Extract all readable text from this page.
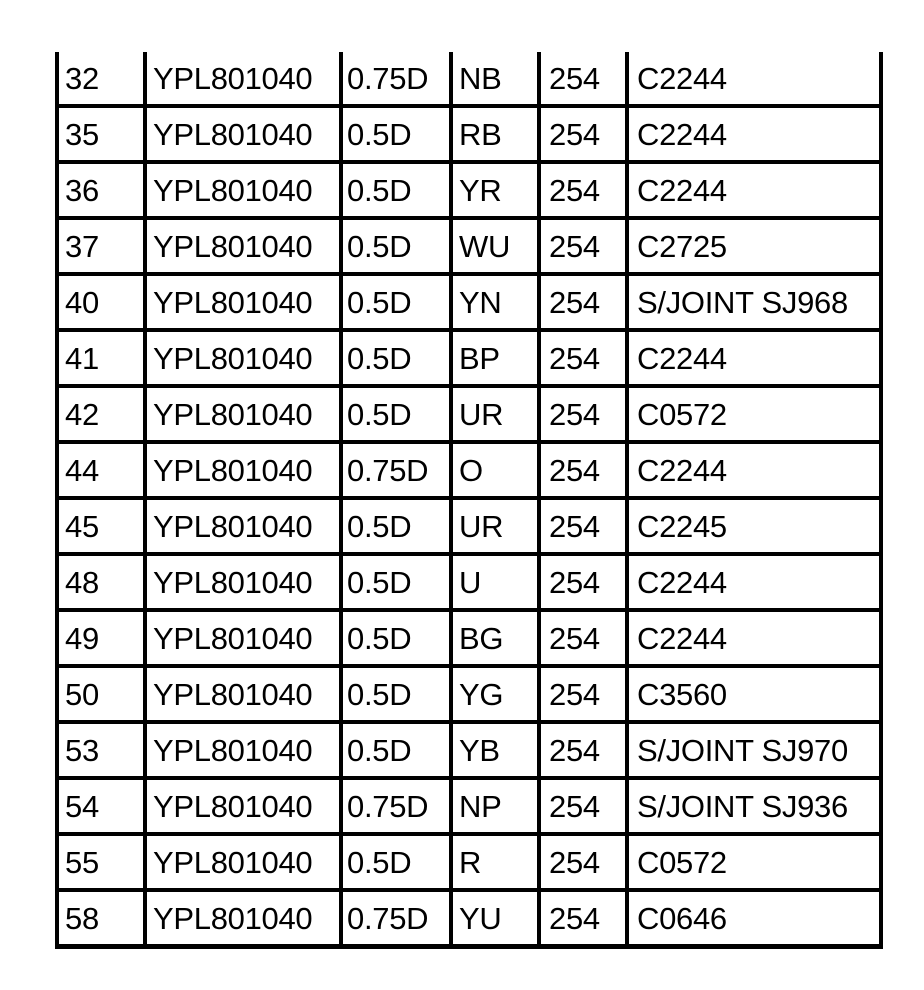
32	YPL801040	0.75D	NB	254	C2244
35	YPL801040	0.5D	RB	254	C2244
36	YPL801040	0.5D	YR	254	C2244
37	YPL801040	0.5D	WU	254	C2725
40	YPL801040	0.5D	YN	254	S/JOINT SJ968
41	YPL801040	0.5D	BP	254	C2244
42	YPL801040	0.5D	UR	254	C0572
44	YPL801040	0.75D	O	254	C2244
45	YPL801040	0.5D	UR	254	C2245
48	YPL801040	0.5D	U	254	C2244
49	YPL801040	0.5D	BG	254	C2244
50	YPL801040	0.5D	YG	254	C3560
53	YPL801040	0.5D	YB	254	S/JOINT SJ970
54	YPL801040	0.75D	NP	254	S/JOINT SJ936
55	YPL801040	0.5D	R	254	C0572
58	YPL801040	0.75D	YU	254	C0646
